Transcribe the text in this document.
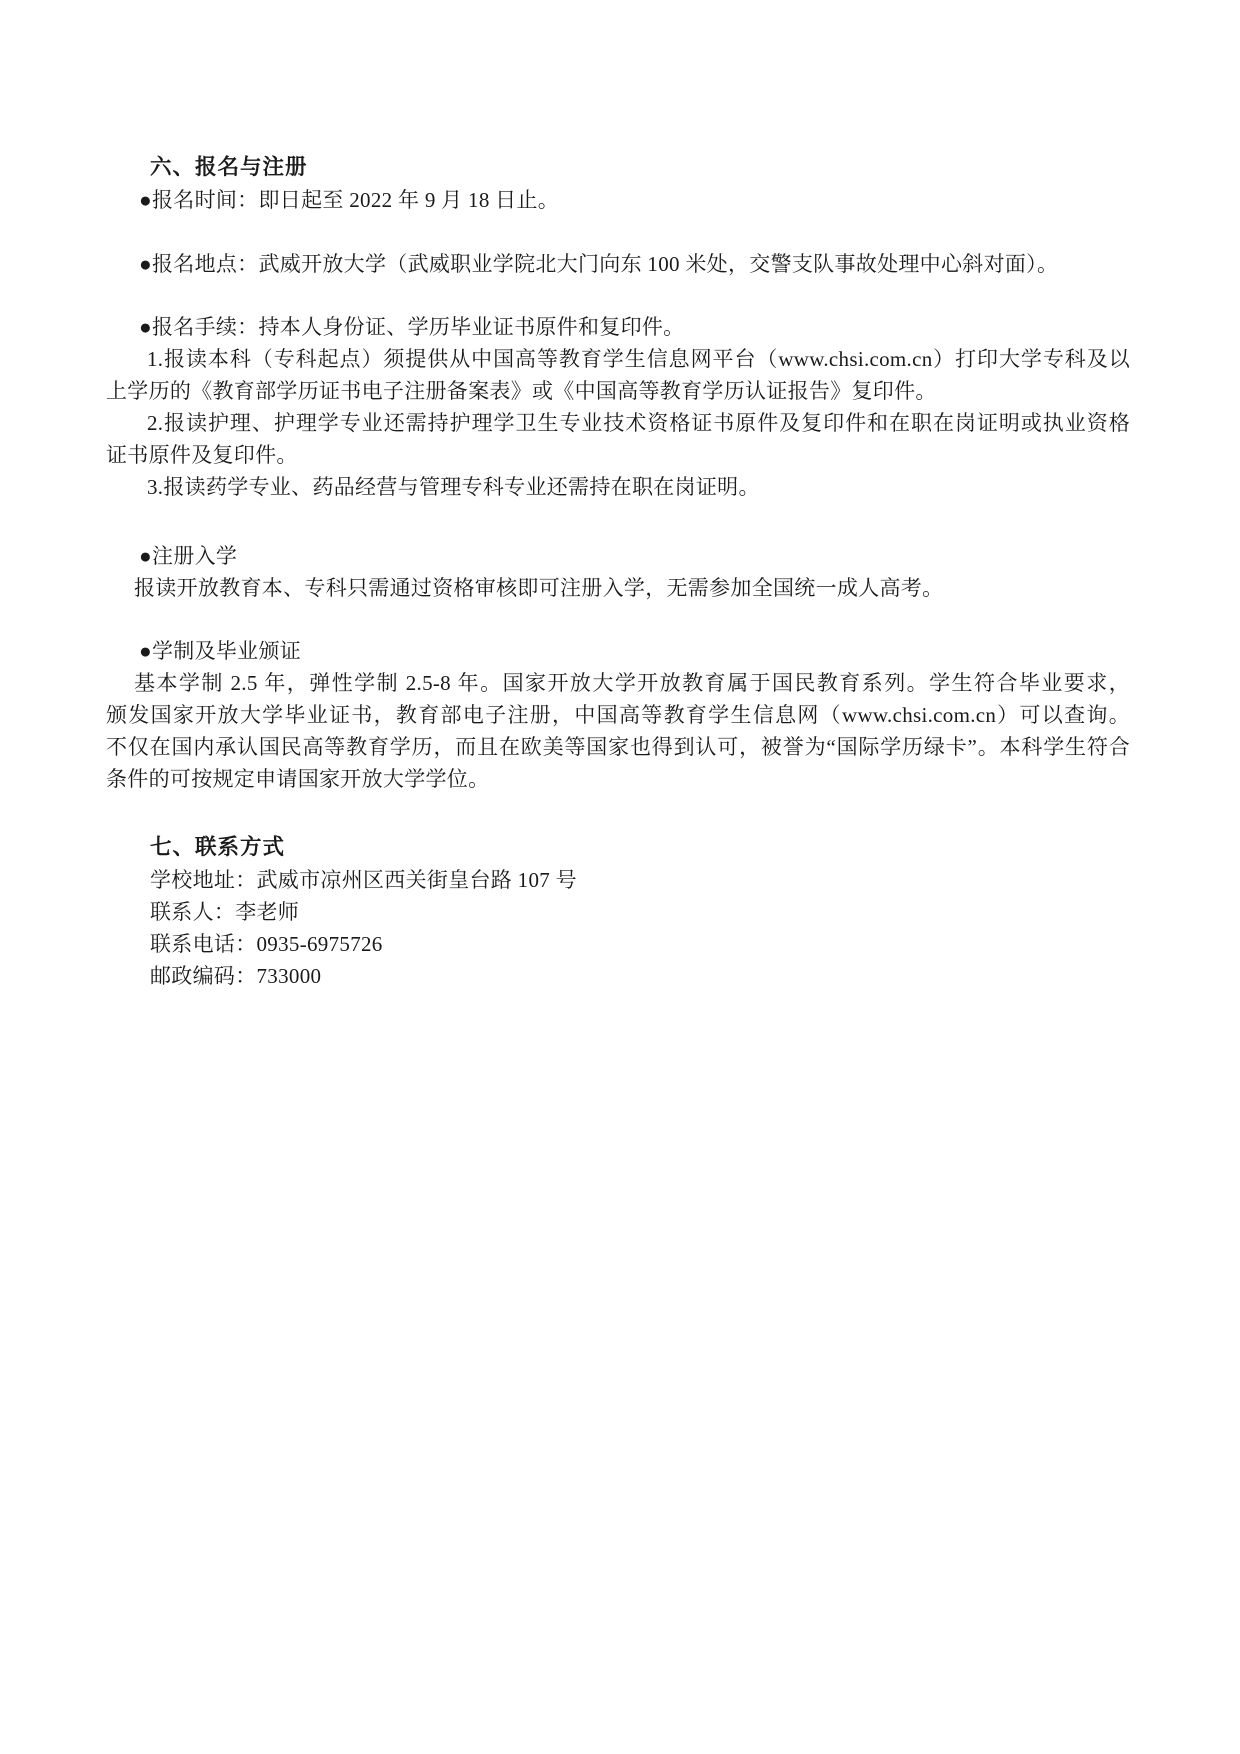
六、报名与注册
●报名时间：即日起至 2022 年 9 月 18 日止。
●报名地点：武威开放大学（武威职业学院北大门向东 100 米处，交警支队事故处理中心斜对面）。
●报名手续：持本人身份证、学历毕业证书原件和复印件。
1.报读本科（专科起点）须提供从中国高等教育学生信息网平台（www.chsi.com.cn）打印大学专科及以
上学历的《教育部学历证书电子注册备案表》或《中国高等教育学历认证报告》复印件。
2.报读护理、护理学专业还需持护理学卫生专业技术资格证书原件及复印件和在职在岗证明或执业资格
证书原件及复印件。
3.报读药学专业、药品经营与管理专科专业还需持在职在岗证明。
●注册入学
报读开放教育本、专科只需通过资格审核即可注册入学，无需参加全国统一成人高考。
●学制及毕业颁证
基本学制 2.5 年，弹性学制 2.5-8 年。国家开放大学开放教育属于国民教育系列。学生符合毕业要求，
颁发国家开放大学毕业证书，教育部电子注册，中国高等教育学生信息网（www.chsi.com.cn）可以查询。
不仅在国内承认国民高等教育学历，而且在欧美等国家也得到认可，被誉为“国际学历绿卡”。本科学生符合
条件的可按规定申请国家开放大学学位。
七、联系方式
学校地址：武威市凉州区西关街皇台路 107 号
联系人：李老师
联系电话：0935-6975726
邮政编码：733000
